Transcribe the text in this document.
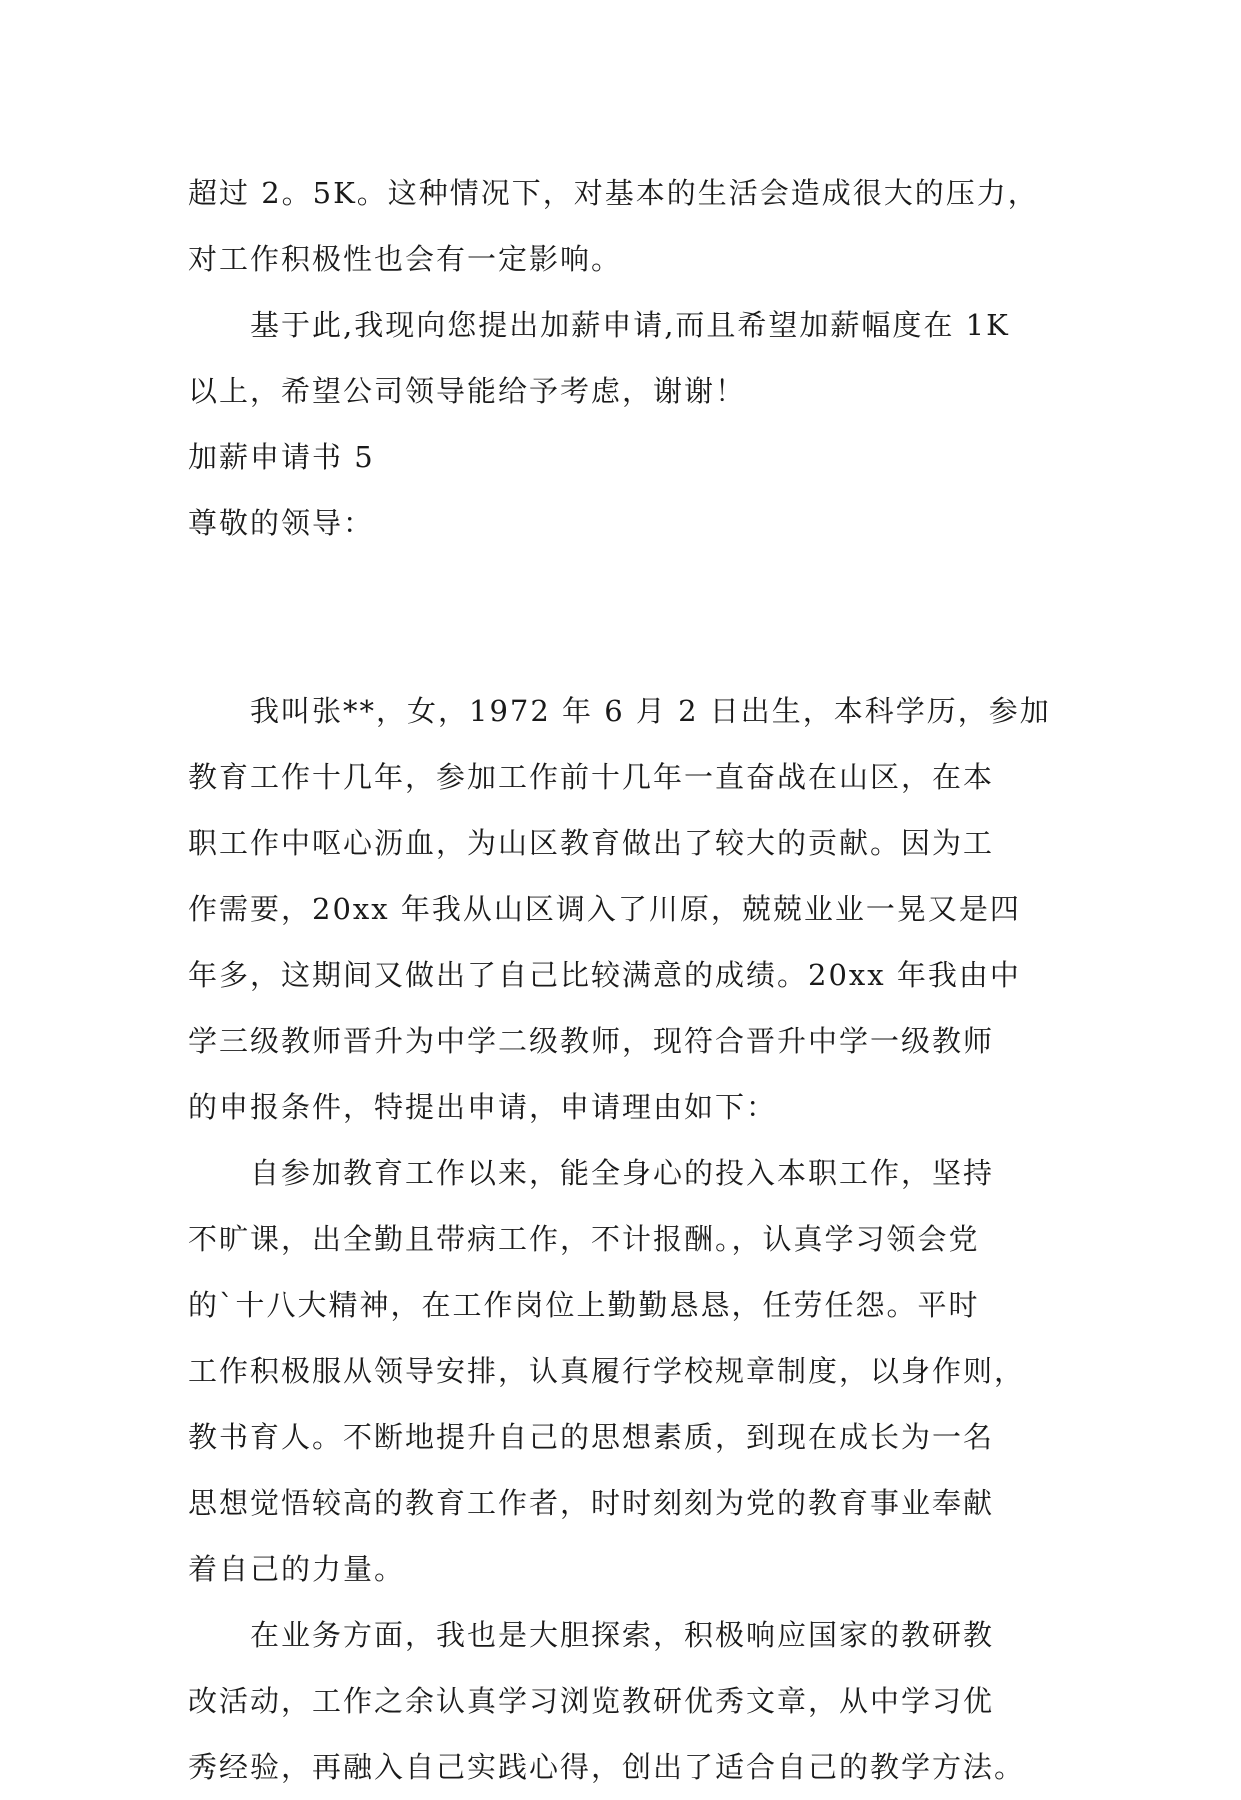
超过 2。5K。这种情况下，对基本的生活会造成很大的压力，
对工作积极性也会有一定影响。
基于此,我现向您提出加薪申请,而且希望加薪幅度在 1K
以上，希望公司领导能给予考虑，谢谢！
加薪申请书 5
尊敬的领导：
我叫张**，女，1972 年 6 月 2 日出生，本科学历，参加
教育工作十几年，参加工作前十几年一直奋战在山区，在本
职工作中呕心沥血，为山区教育做出了较大的贡献。因为工
作需要，20xx 年我从山区调入了川原，兢兢业业一晃又是四
年多，这期间又做出了自己比较满意的成绩。20xx 年我由中
学三级教师晋升为中学二级教师，现符合晋升中学一级教师
的申报条件，特提出申请，申请理由如下：
自参加教育工作以来，能全身心的投入本职工作，坚持
不旷课，出全勤且带病工作，不计报酬。，认真学习领会党
的`十八大精神，在工作岗位上勤勤恳恳，任劳任怨。平时
工作积极服从领导安排，认真履行学校规章制度，以身作则，
教书育人。不断地提升自己的思想素质，到现在成长为一名
思想觉悟较高的教育工作者，时时刻刻为党的教育事业奉献
着自己的力量。
在业务方面，我也是大胆探索，积极响应国家的教研教
改活动，工作之余认真学习浏览教研优秀文章，从中学习优
秀经验，再融入自己实践心得，创出了适合自己的教学方法。
